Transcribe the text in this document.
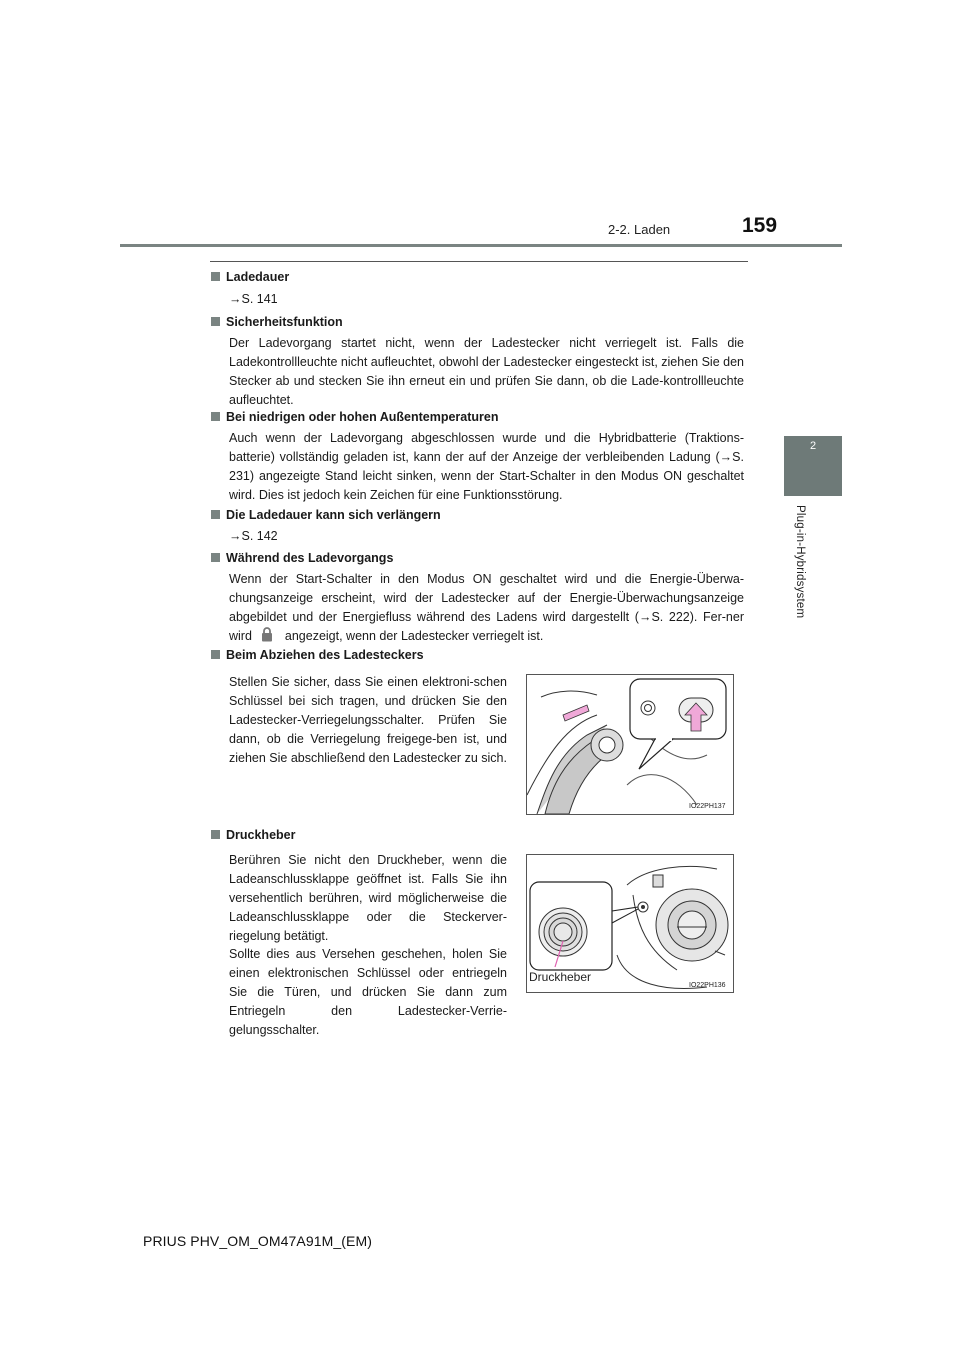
2-2. Laden	159
2
Plug-in-Hybridsystem
Ladedauer
→S. 141
Sicherheitsfunktion
Der Ladevorgang startet nicht, wenn der Ladestecker nicht verriegelt ist. Falls die Ladekontrollleuchte nicht aufleuchtet, obwohl der Ladestecker eingesteckt ist, ziehen Sie den Stecker ab und stecken Sie ihn erneut ein und prüfen Sie dann, ob die Lade-kontrollleuchte aufleuchtet.
Bei niedrigen oder hohen Außentemperaturen
Auch wenn der Ladevorgang abgeschlossen wurde und die Hybridbatterie (Traktions-batterie) vollständig geladen ist, kann der auf der Anzeige der verbleibenden Ladung (→S. 231) angezeigte Stand leicht sinken, wenn der Start-Schalter in den Modus ON geschaltet wird. Dies ist jedoch kein Zeichen für eine Funktionsstörung.
Die Ladedauer kann sich verlängern
→S. 142
Während des Ladevorgangs
Wenn der Start-Schalter in den Modus ON geschaltet wird und die Energie-Überwa-chungsanzeige erscheint, wird der Ladestecker auf der Energie-Überwachungsanzeige abgebildet und der Energiefluss während des Ladens wird dargestellt (→S. 222). Fer-ner wird	angezeigt, wenn der Ladestecker verriegelt ist.
Beim Abziehen des Ladesteckers
Stellen Sie sicher, dass Sie einen elektroni-schen Schlüssel bei sich tragen, und drücken Sie den Ladestecker-Verriegelungsschalter. Prüfen Sie dann, ob die Verriegelung freigege-ben ist, und ziehen Sie abschließend den Ladestecker zu sich.
IO22PH137
Druckheber
Berühren Sie nicht den Druckheber, wenn die Ladeanschlussklappe geöffnet ist. Falls Sie ihn versehentlich berühren, wird möglicherweise die Ladeanschlussklappe oder die Steckerver-riegelung betätigt.
Sollte dies aus Versehen geschehen, holen Sie einen elektronischen Schlüssel oder entriegeln Sie die Türen, und drücken Sie dann zum Entriegeln den Ladestecker-Verrie-gelungsschalter.
Druckheber
IO22PH136
PRIUS PHV_OM_OM47A91M_(EM)
